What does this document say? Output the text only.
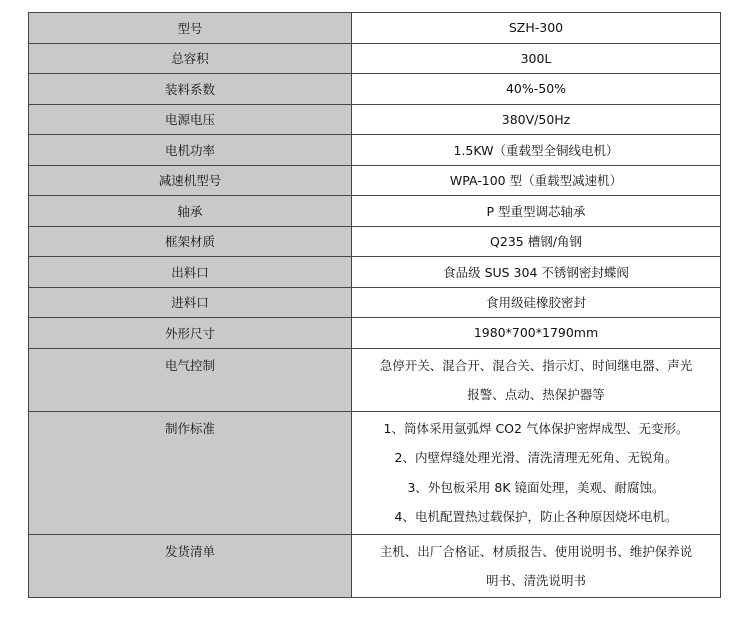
型号	SZH-300
总容积	300L
装料系数	40%-50%
电源电压	380V/50Hz
电机功率	1.5KW（重载型全铜线电机）
减速机型号	WPA-100 型（重载型减速机）
轴承	P 型重型调芯轴承
框架材质	Q235 槽钢/角钢
出料口	食品级 SUS 304 不锈钢密封蝶阀
进料口	食用级硅橡胶密封
外形尺寸	1980*700*1790mm
电气控制	急停开关、混合开、混合关、指示灯、时间继电器、声光
报警、点动、热保护器等

制作标准	1、筒体采用氩弧焊 CO2 气体保护密焊成型、无变形。
2、内壁焊缝处理光滑、清洗清理无死角、无锐角。
3、外包板采用 8K 镜面处理，美观、耐腐蚀。
4、电机配置热过载保护，防止各种原因烧坏电机。

发货清单	主机、出厂合格证、材质报告、使用说明书、维护保养说
明书、清洗说明书
